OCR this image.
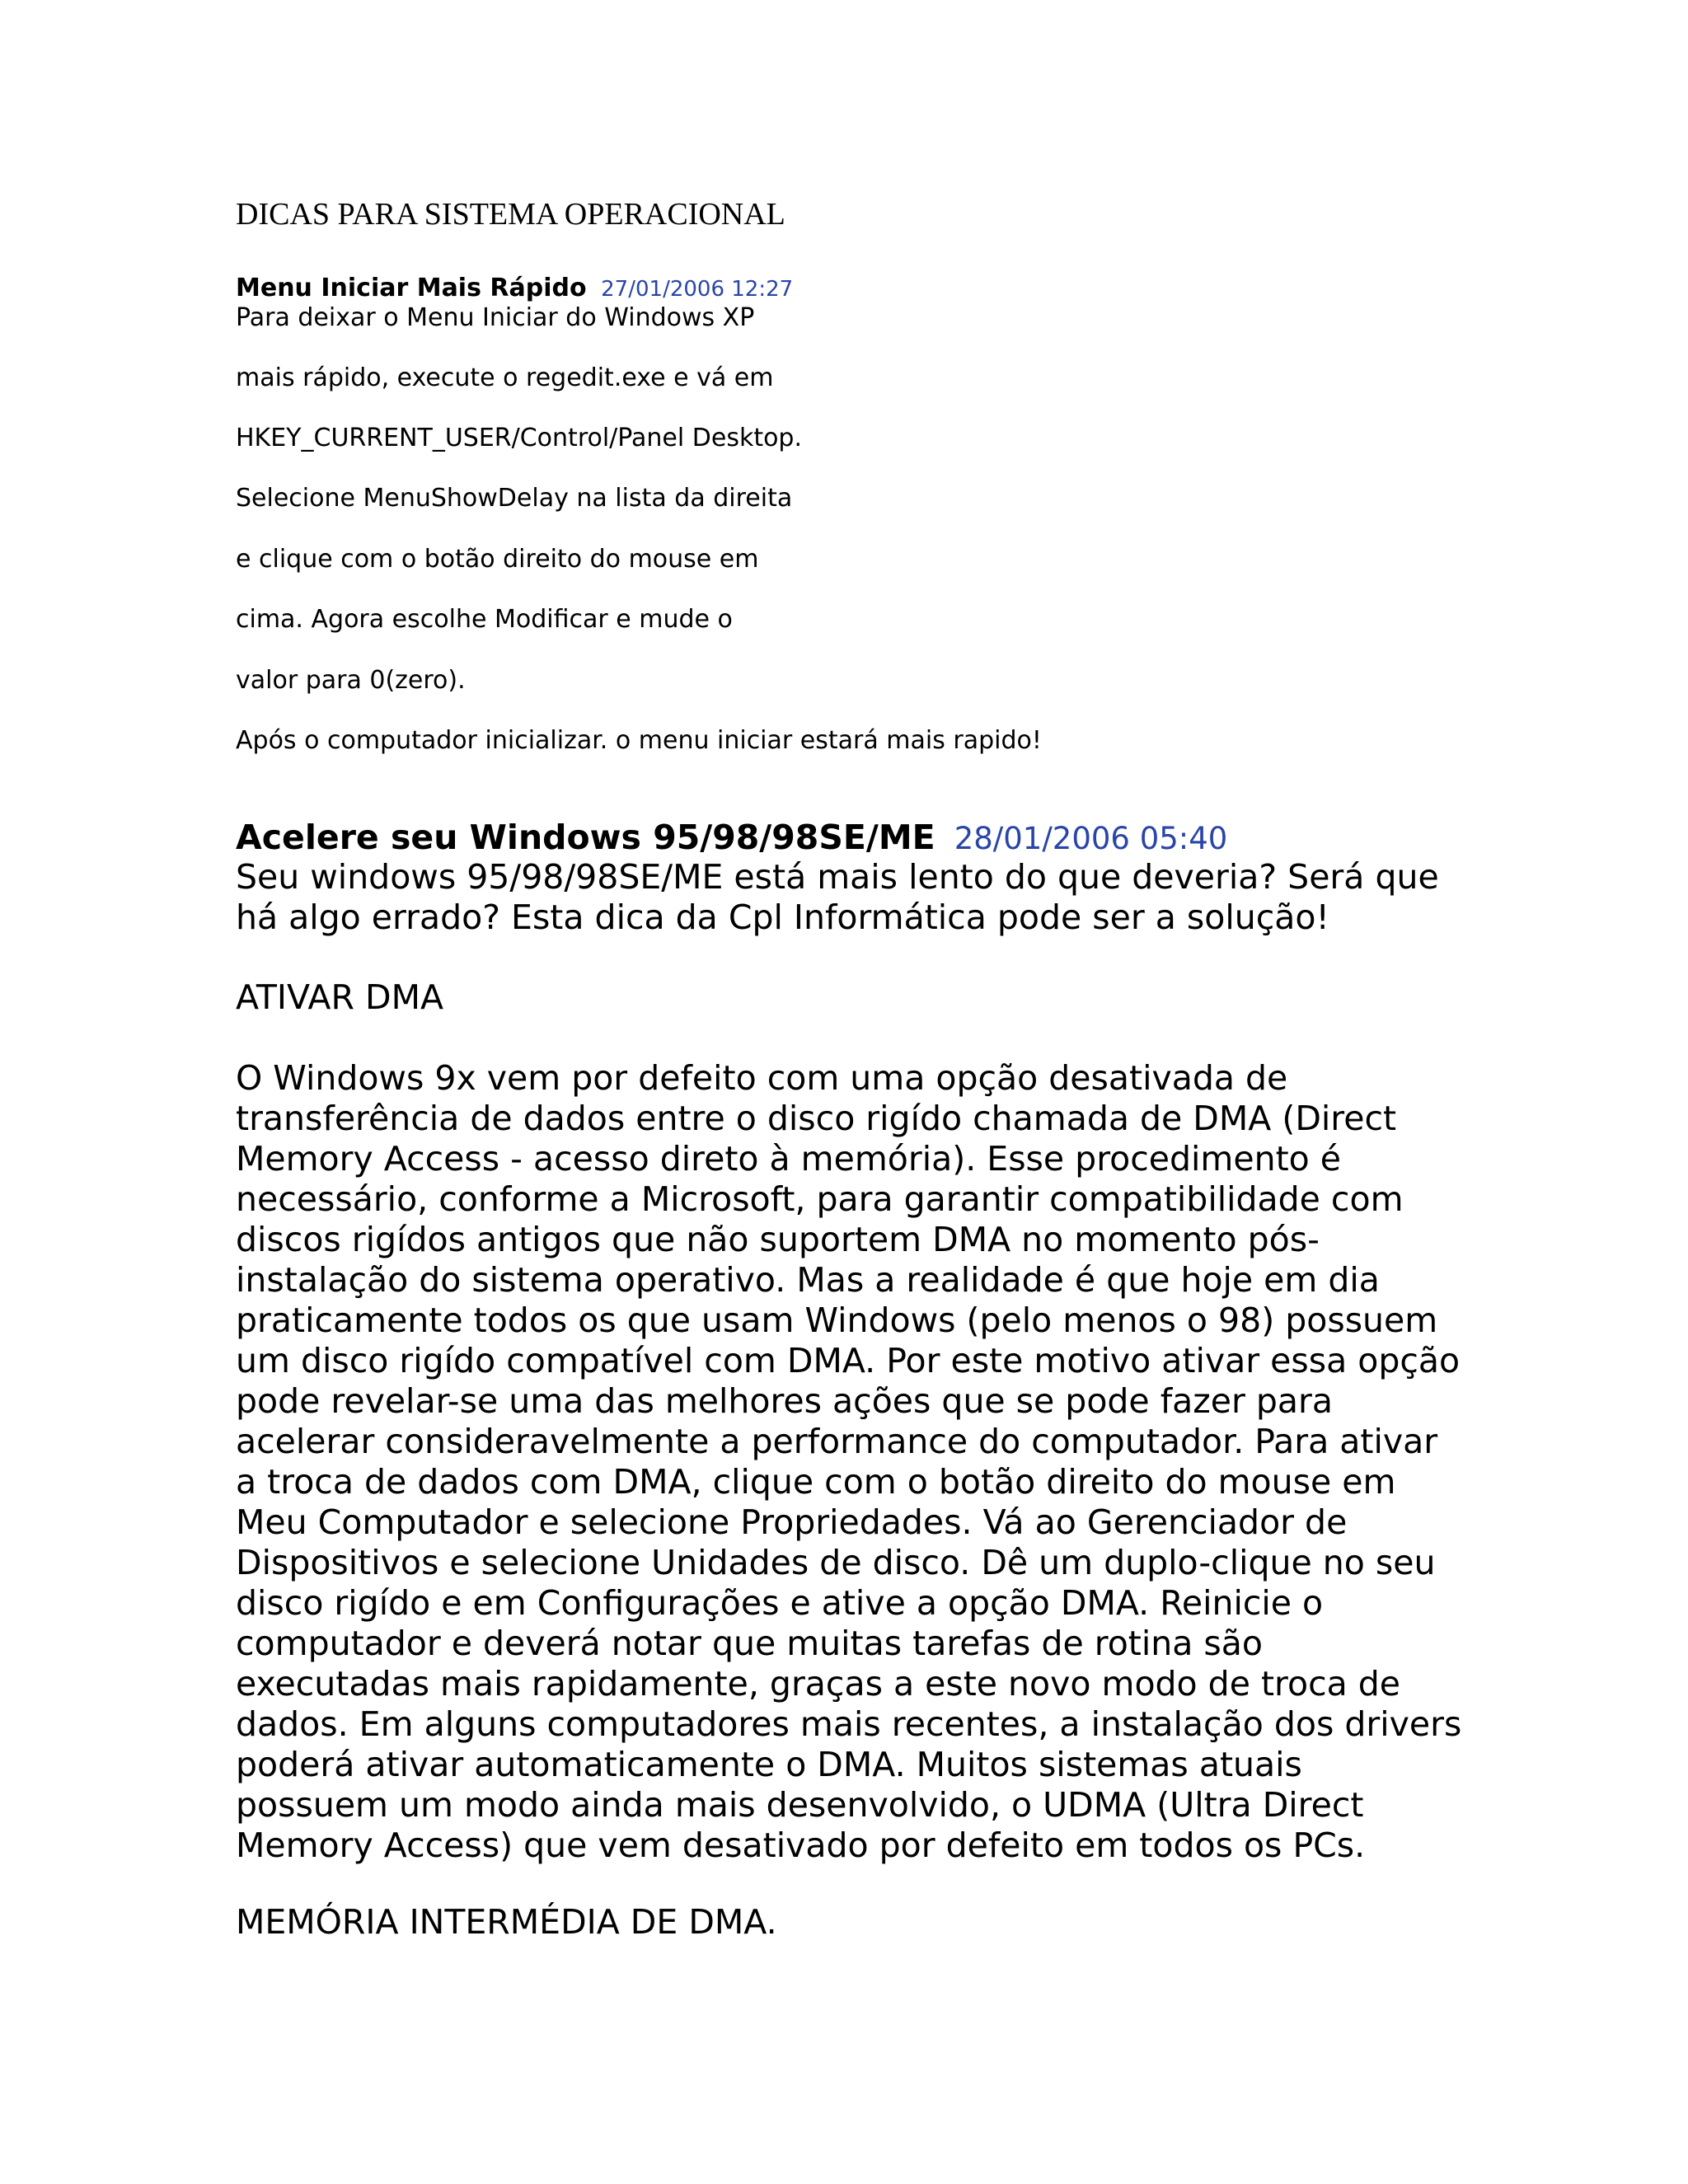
DICAS PARA SISTEMA OPERACIONAL
Menu Iniciar Mais Rápido 27/01/2006 12:27

Para deixar o Menu Iniciar do Windows XP

mais rápido, execute o regedit.exe e vá em

HKEY_CURRENT_USER/Control/Panel Desktop.

Selecione MenuShowDelay na lista da direita

e clique com o botão direito do mouse em

cima. Agora escolhe Modificar e mude o

valor para 0(zero).

Após o computador inicializar. o menu iniciar estará mais rapido!

Acelere seu Windows 95/98/98SE/ME 28/01/2006 05:40

Seu windows 95/98/98SE/ME está mais lento do que deveria? Será que há algo errado? Esta dica da Cpl Informática pode ser a solução!

ATIVAR DMA

O Windows 9x vem por defeito com uma opção desativada de transferência de dados entre o disco rigído chamada de DMA (Direct Memory Access - acesso direto à memória). Esse procedimento é necessário, conforme a Microsoft, para garantir compatibilidade com discos rigídos antigos que não suportem DMA no momento pós-instalação do sistema operativo. Mas a realidade é que hoje em dia praticamente todos os que usam Windows (pelo menos o 98) possuem um disco rigído compatível com DMA. Por este motivo ativar essa opção pode revelar-se uma das melhores ações que se pode fazer para acelerar consideravelmente a performance do computador. Para ativar a troca de dados com DMA, clique com o botão direito do mouse em Meu Computador e selecione Propriedades. Vá ao Gerenciador de Dispositivos e selecione Unidades de disco. Dê um duplo-clique no seu disco rigído e em Configurações e ative a opção DMA. Reinicie o computador e deverá notar que muitas tarefas de rotina são executadas mais rapidamente, graças a este novo modo de troca de dados. Em alguns computadores mais recentes, a instalação dos drivers poderá ativar automaticamente o DMA. Muitos sistemas atuais possuem um modo ainda mais desenvolvido, o UDMA (Ultra Direct Memory Access) que vem desativado por defeito em todos os PCs.

MEMÓRIA INTERMÉDIA DE DMA.
